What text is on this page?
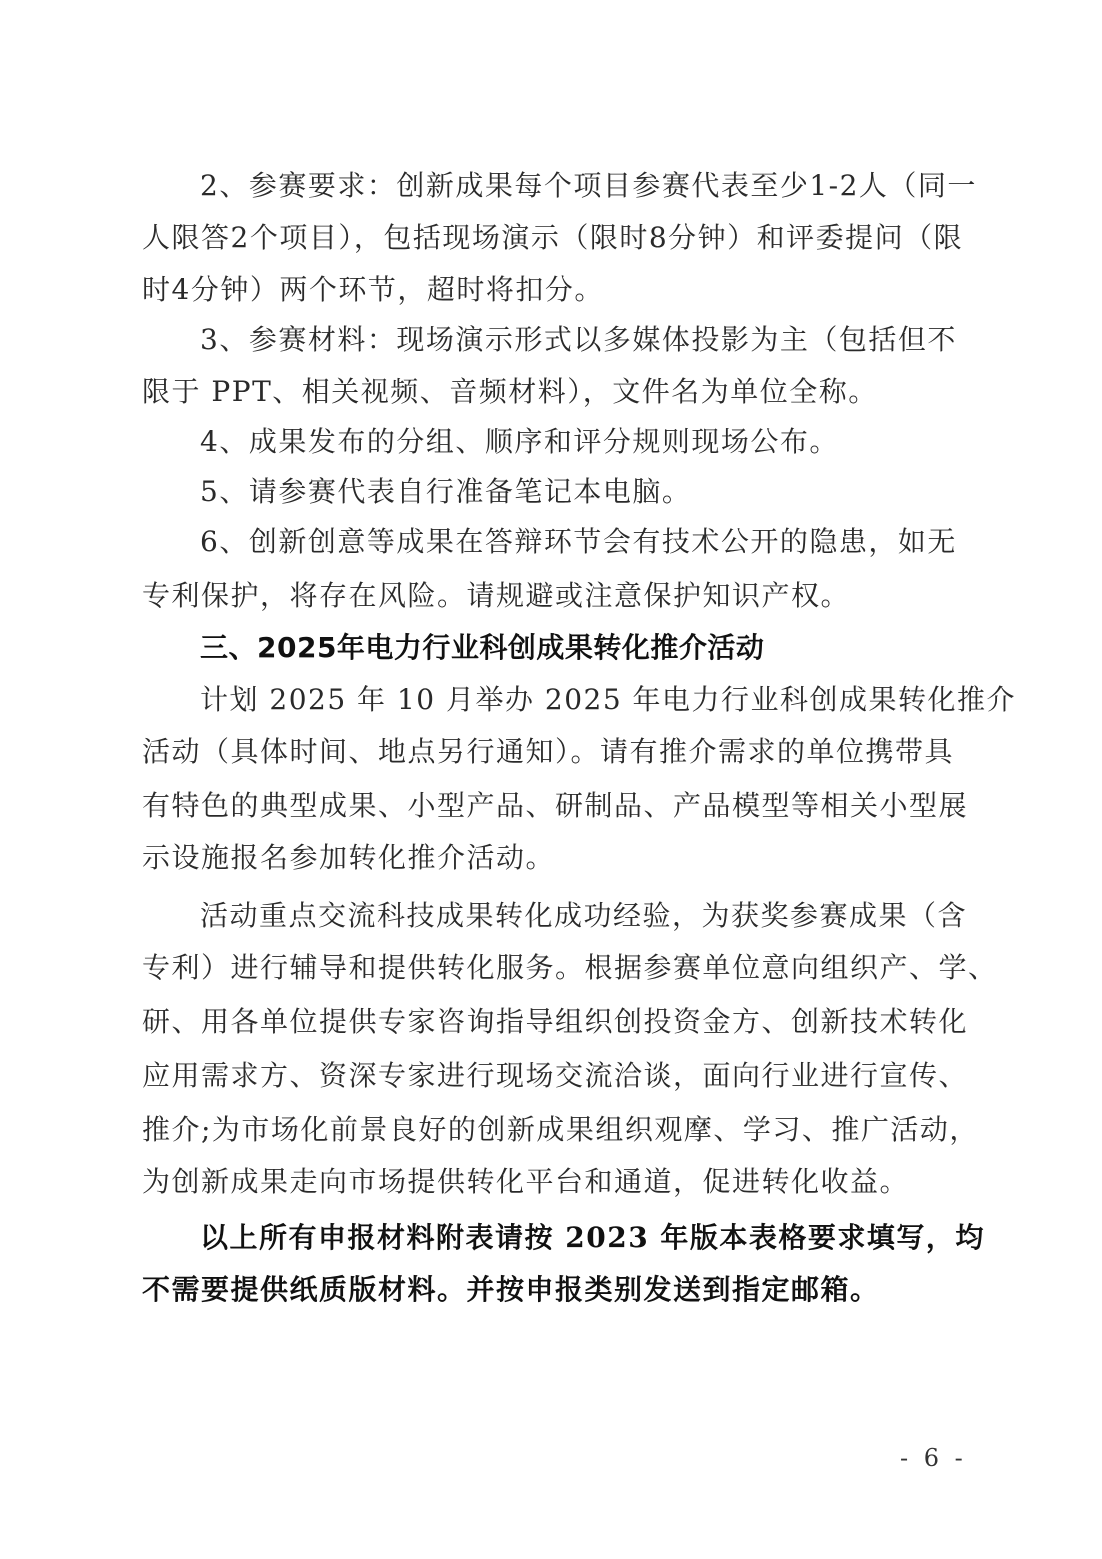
2、参赛要求：创新成果每个项目参赛代表至少1-2人（同一
人限答2个项目），包括现场演示（限时8分钟）和评委提问（限
时4分钟）两个环节，超时将扣分。
3、参赛材料：现场演示形式以多媒体投影为主（包括但不
限于 PPT、相关视频、音频材料），文件名为单位全称。
4、成果发布的分组、顺序和评分规则现场公布。
5、请参赛代表自行准备笔记本电脑。
6、创新创意等成果在答辩环节会有技术公开的隐患，如无
专利保护，将存在风险。请规避或注意保护知识产权。
三、2025年电力行业科创成果转化推介活动
计划 2025 年 10 月举办 2025 年电力行业科创成果转化推介
活动（具体时间、地点另行通知）。请有推介需求的单位携带具
有特色的典型成果、小型产品、研制品、产品模型等相关小型展
示设施报名参加转化推介活动。
活动重点交流科技成果转化成功经验，为获奖参赛成果（含
专利）进行辅导和提供转化服务。根据参赛单位意向组织产、学、
研、用各单位提供专家咨询指导组织创投资金方、创新技术转化
应用需求方、资深专家进行现场交流洽谈，面向行业进行宣传、
推介;为市场化前景良好的创新成果组织观摩、学习、推广活动，
为创新成果走向市场提供转化平台和通道，促进转化收益。
以上所有申报材料附表请按 2023 年版本表格要求填写，均
不需要提供纸质版材料。并按申报类别发送到指定邮箱。
- 6 -
